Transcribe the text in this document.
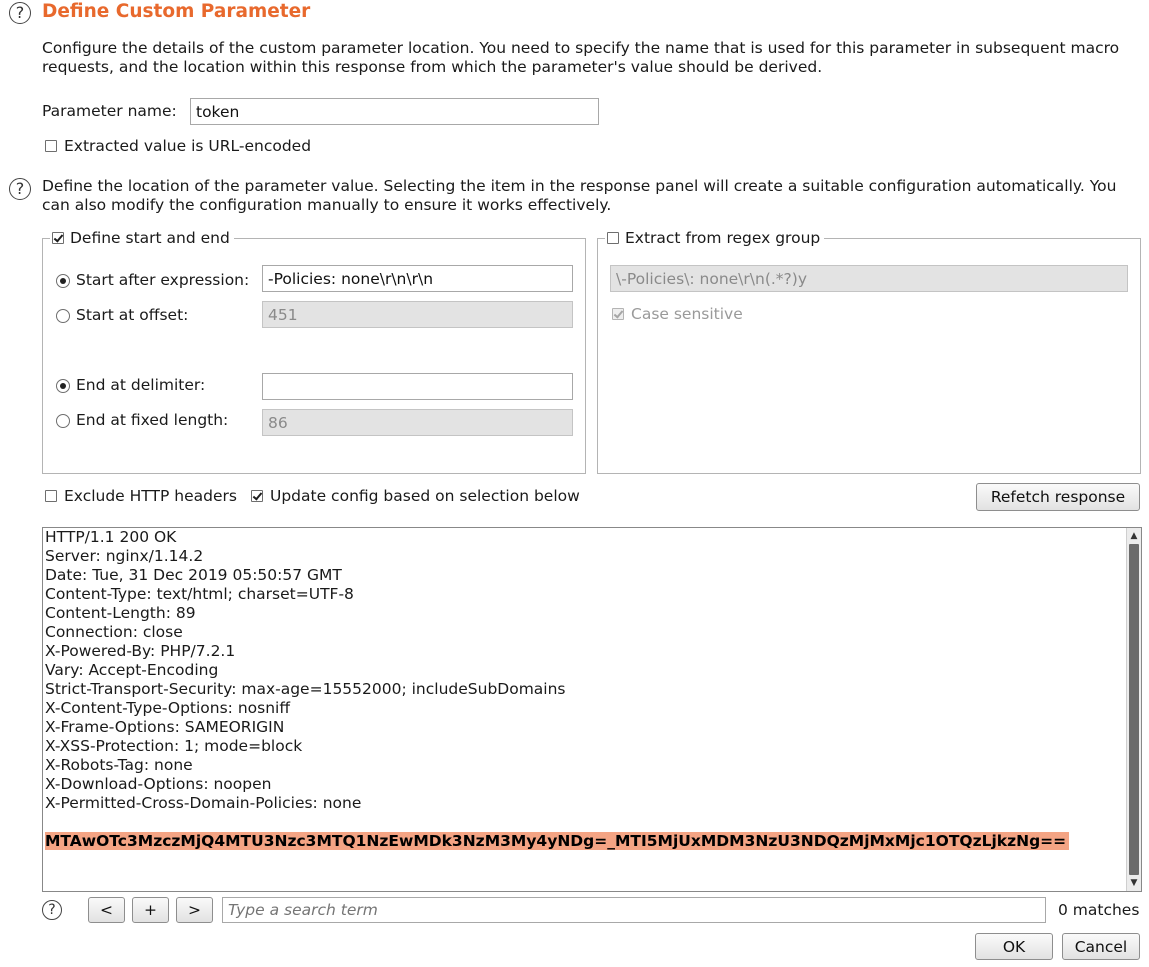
? Define Custom Parameter
Configure the details of the custom parameter location. You need to specify the name that is used for this parameter in subsequent macro requests, and the location within this response from which the parameter's value should be derived.
Parameter name:
token
Extracted value is URL-encoded
?	Define the location of the parameter value. Selecting the item in the response panel will create a suitable configuration automatically. You can also modify the configuration manually to ensure it works effectively.
Define start and end
Start after expression:
-Policies: none\r\n\r\n
Start at offset:
451
End at delimiter:
End at fixed length:
86
Extract from regex group
\-Policies\: none\r\n(.*?)y
Case sensitive
Exclude HTTP headers Update config based on selection below	Refetch response
HTTP/1.1 200 OK
Server: nginx/1.14.2
Date: Tue, 31 Dec 2019 05:50:57 GMT
Content-Type: text/html; charset=UTF-8
Content-Length: 89
Connection: close
X-Powered-By: PHP/7.2.1
Vary: Accept-Encoding
Strict-Transport-Security: max-age=15552000; includeSubDomains
X-Content-Type-Options: nosniff
X-Frame-Options: SAMEORIGIN
X-XSS-Protection: 1; mode=block
X-Robots-Tag: none
X-Download-Options: noopen
X-Permitted-Cross-Domain-Policies: none
MTAwOTc3MzczMjQ4MTU3Nzc3MTQ1NzEwMDk3NzM3My4yNDg=_MTI5MjUxMDM3NzU3NDQzMjMxMjc1OTQzLjkzNg==
▲
▼
?	<	+	>
Type a search term	0 matches
OK	Cancel
